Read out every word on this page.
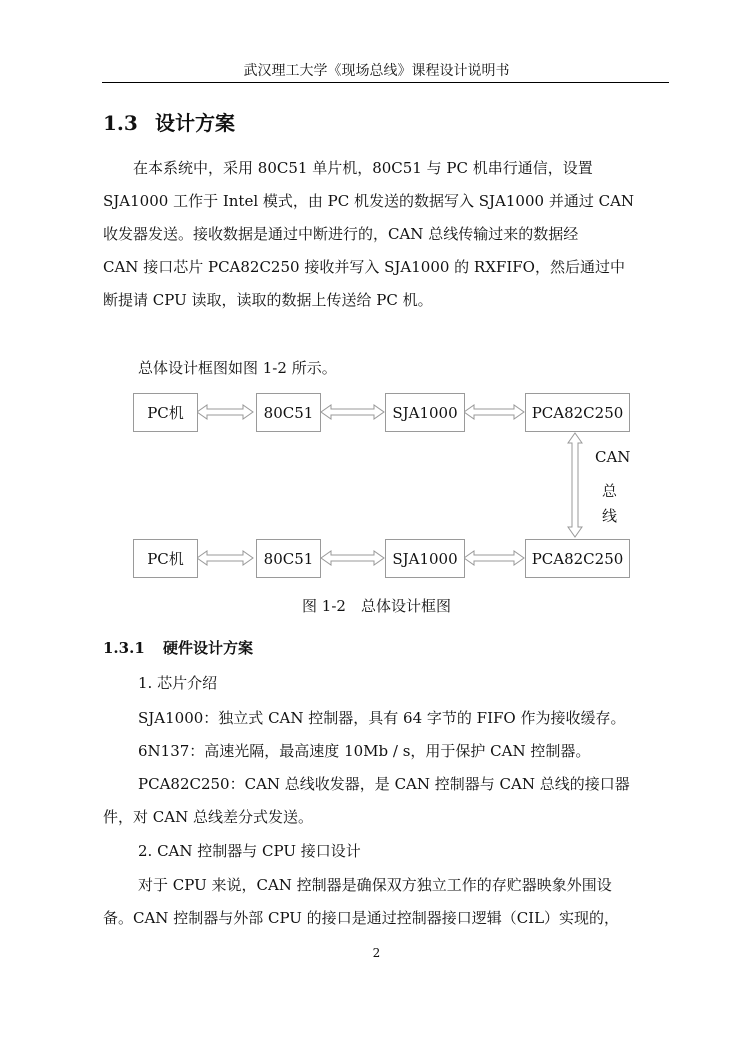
武汉理工大学《现场总线》课程设计说明书
1.3 设计方案
　　在本系统中，采用 80C51 单片机，80C51 与 PC 机串行通信，设置
SJA1000 工作于 Intel 模式，由 PC 机发送的数据写入 SJA1000 并通过 CAN
收发器发送。接收数据是通过中断进行的，CAN 总线传输过来的数据经
CAN 接口芯片 PCA82C250 接收并写入 SJA1000 的 RXFIFO，然后通过中
断提请 CPU 读取，读取的数据上传送给 PC 机。
总体设计框图如图 1-2 所示。
PC机	80C51	SJA1000	PCA82C250
CAN
总
线
PC机	80C51	SJA1000	PCA82C250
图 1-2　总体设计框图
1.3.1 硬件设计方案
1. 芯片介绍
SJA1000：独立式 CAN 控制器，具有 64 字节的 FIFO 作为接收缓存。
6N137：高速光隔，最高速度 10Mb / s，用于保护 CAN 控制器。
PCA82C250：CAN 总线收发器，是 CAN 控制器与 CAN 总线的接口器
件，对 CAN 总线差分式发送。
2. CAN 控制器与 CPU 接口设计
对于 CPU 来说，CAN 控制器是确保双方独立工作的存贮器映象外围设
备。CAN 控制器与外部 CPU 的接口是通过控制器接口逻辑（CIL）实现的，
2
